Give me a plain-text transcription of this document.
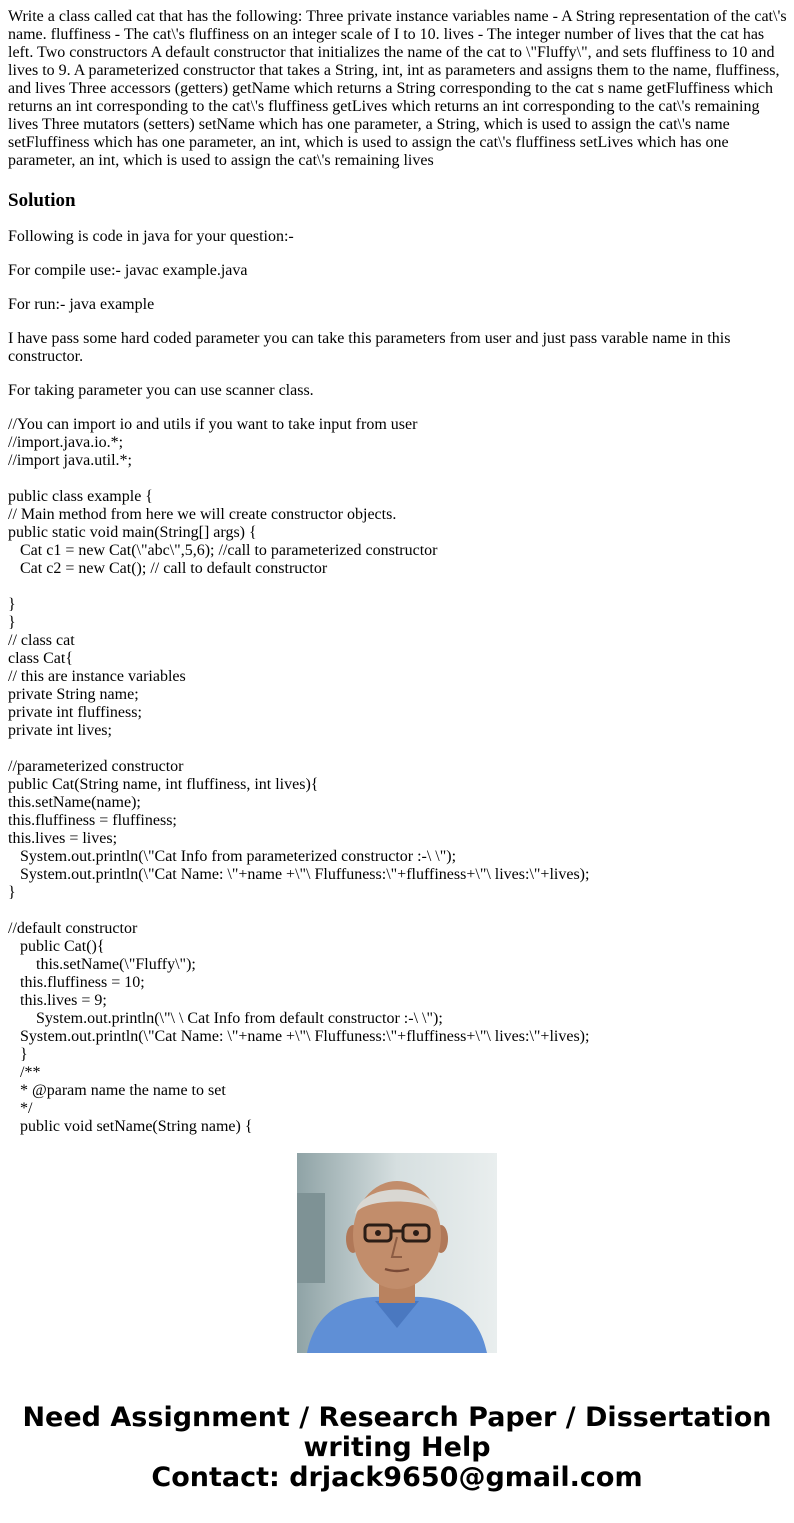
Write a class called cat that has the following: Three private instance variables name - A String representation of the cat\'s name. fluffiness - The cat\'s fluffiness on an integer scale of I to 10. lives - The integer number of lives that the cat has left. Two constructors A default constructor that initializes the name of the cat to \"Fluffy\", and sets fluffiness to 10 and lives to 9. A parameterized constructor that takes a String, int, int as parameters and assigns them to the name, fluffiness, and lives Three accessors (getters) getName which returns a String corresponding to the cat s name getFluffiness which returns an int corresponding to the cat\'s fluffiness getLives which returns an int corresponding to the cat\'s remaining lives Three mutators (setters) setName which has one parameter, a String, which is used to assign the cat\'s name setFluffiness which has one parameter, an int, which is used to assign the cat\'s fluffiness setLives which has one parameter, an int, which is used to assign the cat\'s remaining lives
Solution
Following is code in java for your question:-
For compile use:- javac example.java
For run:- java example
I have pass some hard coded parameter you can take this parameters from user and just pass varable name in this constructor.
For taking parameter you can use scanner class.
//You can import io and utils if you want to take input from user
//import.java.io.*;
//import java.util.*;

public class example {
// Main method from here we will create constructor objects.
public static void main(String[] args) {
Cat c1 = new Cat(\"abc\",5,6); //call to parameterized constructor
Cat c2 = new Cat(); // call to default constructor

}
}
// class cat
class Cat{
// this are instance variables
private String name;
private int fluffiness;
private int lives;

//parameterized constructor
public Cat(String name, int fluffiness, int lives){
this.setName(name);
this.fluffiness = fluffiness;
this.lives = lives;
System.out.println(\"Cat Info from parameterized constructor :-\ \");
System.out.println(\"Cat Name: \"+name +\"\ Fluffuness:\"+fluffiness+\"\ lives:\"+lives);
}

//default constructor
public Cat(){
this.setName(\"Fluffy\");
this.fluffiness = 10;
this.lives = 9;
System.out.println(\"\ \ Cat Info from default constructor :-\ \");
System.out.println(\"Cat Name: \"+name +\"\ Fluffuness:\"+fluffiness+\"\ lives:\"+lives);
}
/**
* @param name the name to set
*/
public void setName(String name) {
Need Assignment / Research Paper / Dissertation writing Help
Contact: drjack9650@gmail.com
